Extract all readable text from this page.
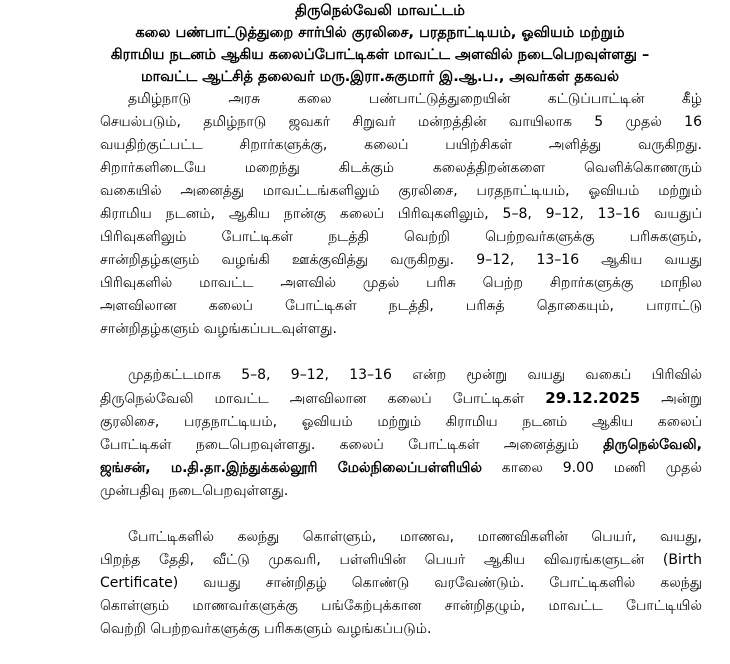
திருநெல்வேலி மாவட்டம்
கலை பண்பாட்டுத்துறை சார்பில் குரலிசை, பரதநாட்டியம், ஓவியம் மற்றும்
கிராமிய நடனம் ஆகிய கலைப்போட்டிகள் மாவட்ட அளவில் நடைபெறவுள்ளது –
மாவட்ட ஆட்சித் தலைவர் மரு.இரா.சுகுமார் இ.ஆ.ப., அவர்கள் தகவல்
தமிழ்நாடு அரசு கலை பண்பாட்டுத்துறையின் கட்டுப்பாட்டின் கீழ்
செயல்படும், தமிழ்நாடு ஜவகர் சிறுவர் மன்றத்தின் வாயிலாக 5 முதல் 16
வயதிற்குட்பட்ட சிறார்களுக்கு, கலைப் பயிற்சிகள் அளித்து வருகிறது.
சிறார்களிடையே மறைந்து கிடக்கும் கலைத்திறன்களை வெளிக்கொணரும்
வகையில் அனைத்து மாவட்டங்களிலும் குரலிசை, பரதநாட்டியம், ஓவியம் மற்றும்
கிராமிய நடனம், ஆகிய நான்கு கலைப் பிரிவுகளிலும், 5–8, 9–12, 13–16 வயதுப்
பிரிவுகளிலும் போட்டிகள் நடத்தி வெற்றி பெற்றவர்களுக்கு பரிசுகளும்,
சான்றிதழ்களும் வழங்கி ஊக்குவித்து வருகிறது. 9–12, 13–16 ஆகிய வயது
பிரிவுகளில் மாவட்ட அளவில் முதல் பரிசு பெற்ற சிறார்களுக்கு மாநில
அளவிலான கலைப் போட்டிகள் நடத்தி, பரிசுத் தொகையும், பாராட்டு
சான்றிதழ்களும் வழங்கப்படவுள்ளது.
முதற்கட்டமாக 5–8, 9–12, 13–16 என்ற மூன்று வயது வகைப் பிரிவில்
திருநெல்வேலி மாவட்ட அளவிலான கலைப் போட்டிகள் 29.12.2025 அன்று
குரலிசை, பரதநாட்டியம், ஓவியம் மற்றும் கிராமிய நடனம் ஆகிய கலைப்
போட்டிகள் நடைபெறவுள்ளது. கலைப் போட்டிகள் அனைத்தும் திருநெல்வேலி,
ஜங்சன், ம.தி.தா.இந்துக்கல்லூரி மேல்நிலைப்பள்ளியில் காலை 9.00 மணி முதல்
முன்பதிவு நடைபெறவுள்ளது.
போட்டிகளில் கலந்து கொள்ளும், மாணவ, மாணவிகளின் பெயர், வயது,
பிறந்த தேதி, வீட்டு முகவரி, பள்ளியின் பெயர் ஆகிய விவரங்களுடன் (Birth
Certificate) வயது சான்றிதழ் கொண்டு வரவேண்டும். போட்டிகளில் கலந்து
கொள்ளும் மாணவர்களுக்கு பங்கேற்புக்கான சான்றிதழும், மாவட்ட போட்டியில்
வெற்றி பெற்றவர்களுக்கு பரிசுகளும் வழங்கப்படும்.
